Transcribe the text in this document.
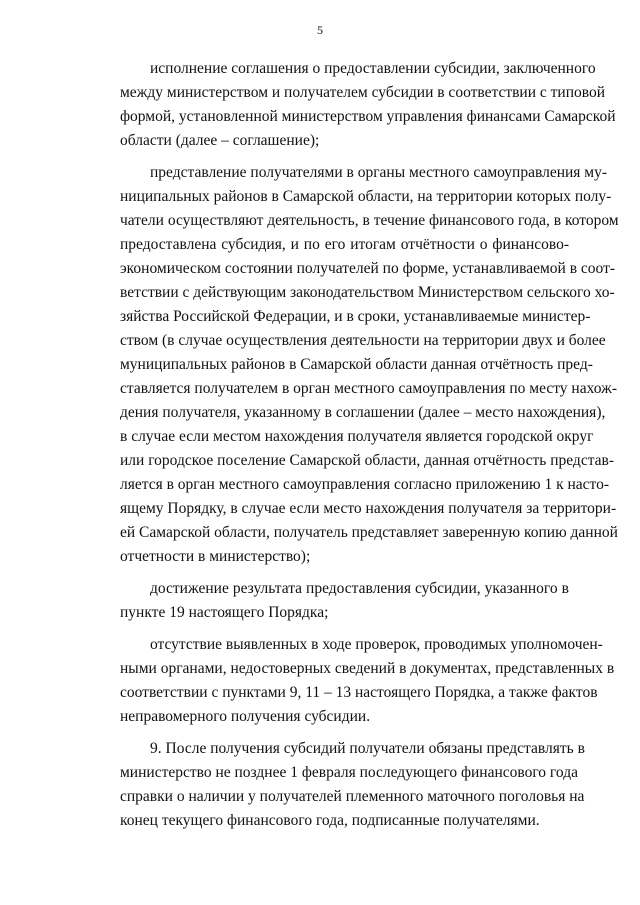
5
исполнение соглашения о предоставлении субсидии, заключенного
между министерством и получателем субсидии в соответствии с типовой
формой, установленной министерством управления финансами Самарской
области (далее – соглашение);
представление получателями в органы местного самоуправления му-
ниципальных районов в Самарской области, на территории которых полу-
чатели осуществляют деятельность, в течение финансового года, в котором
предоставлена субсидия, и по его итогам отчётности о финансово-
экономическом состоянии получателей по форме, устанавливаемой в соот-
ветствии с действующим законодательством Министерством сельского хо-
зяйства Российской Федерации, и в сроки, устанавливаемые министер-
ством (в случае осуществления деятельности на территории двух и более
муниципальных районов в Самарской области данная отчётность пред-
ставляется получателем в орган местного самоуправления по месту нахож-
дения получателя, указанному в соглашении (далее – место нахождения),
в случае если местом нахождения получателя является городской округ
или городское поселение Самарской области, данная отчётность представ-
ляется в орган местного самоуправления согласно приложению 1 к насто-
ящему Порядку, в случае если место нахождения получателя за территори-
ей Самарской области, получатель представляет заверенную копию данной
отчетности в министерство);
достижение результата предоставления субсидии, указанного в
пункте 19 настоящего Порядка;
отсутствие выявленных в ходе проверок, проводимых уполномочен-
ными органами, недостоверных сведений в документах, представленных в
соответствии с пунктами 9, 11 – 13 настоящего Порядка, а также фактов
неправомерного получения субсидии.
9. После получения субсидий получатели обязаны представлять в
министерство не позднее 1 февраля последующего финансового года
справки о наличии у получателей племенного маточного поголовья на
конец текущего финансового года, подписанные получателями.
